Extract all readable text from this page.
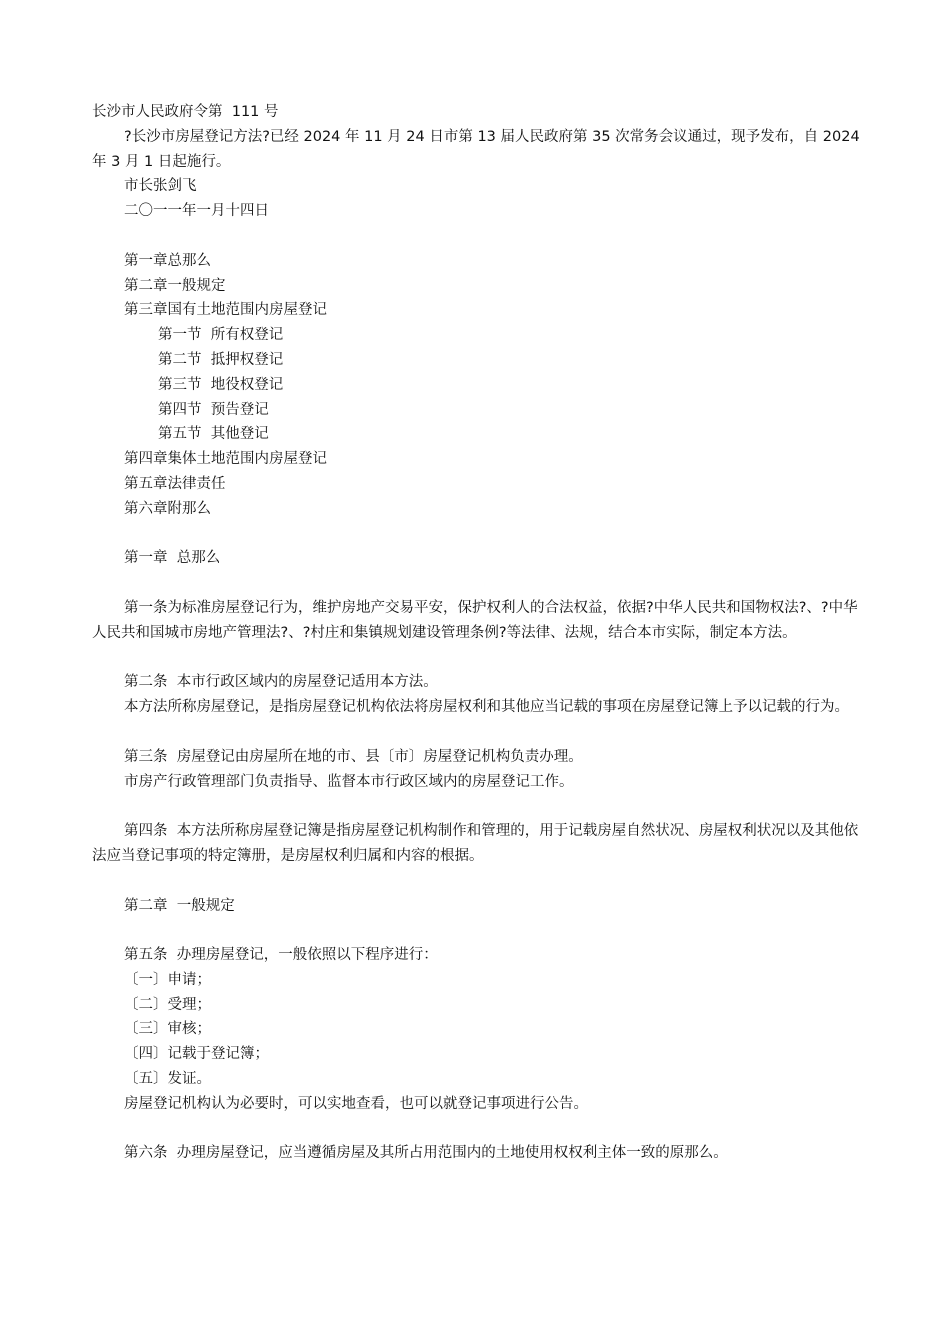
长沙市人民政府令第  111 号

?长沙市房屋登记方法?已经 2024 年 11 月 24 日市第 13 届人民政府第 35 次常务会议通过，现予发布，自 2024 年 3 月 1 日起施行。

市长张剑飞

二〇一一年一月十四日

第一章总那么

第二章一般规定

第三章国有土地范围内房屋登记

第一节  所有权登记

第二节  抵押权登记

第三节  地役权登记

第四节  预告登记

第五节  其他登记

第四章集体土地范围内房屋登记

第五章法律责任

第六章附那么

第一章  总那么

第一条为标准房屋登记行为，维护房地产交易平安，保护权利人的合法权益，依据?中华人民共和国物权法?、?中华人民共和国城市房地产管理法?、?村庄和集镇规划建设管理条例?等法律、法规，结合本市实际，制定本方法。

第二条  本市行政区域内的房屋登记适用本方法。

本方法所称房屋登记，是指房屋登记机构依法将房屋权利和其他应当记载的事项在房屋登记簿上予以记载的行为。

第三条  房屋登记由房屋所在地的市、县〔市〕房屋登记机构负责办理。

市房产行政管理部门负责指导、监督本市行政区域内的房屋登记工作。

第四条  本方法所称房屋登记簿是指房屋登记机构制作和管理的，用于记载房屋自然状况、房屋权利状况以及其他依法应当登记事项的特定簿册，是房屋权利归属和内容的根据。

第二章  一般规定

第五条  办理房屋登记，一般依照以下程序进行：

〔一〕申请；

〔二〕受理；

〔三〕审核；

〔四〕记载于登记簿；

〔五〕发证。

房屋登记机构认为必要时，可以实地查看，也可以就登记事项进行公告。

第六条  办理房屋登记，应当遵循房屋及其所占用范围内的土地使用权权利主体一致的原那么。
